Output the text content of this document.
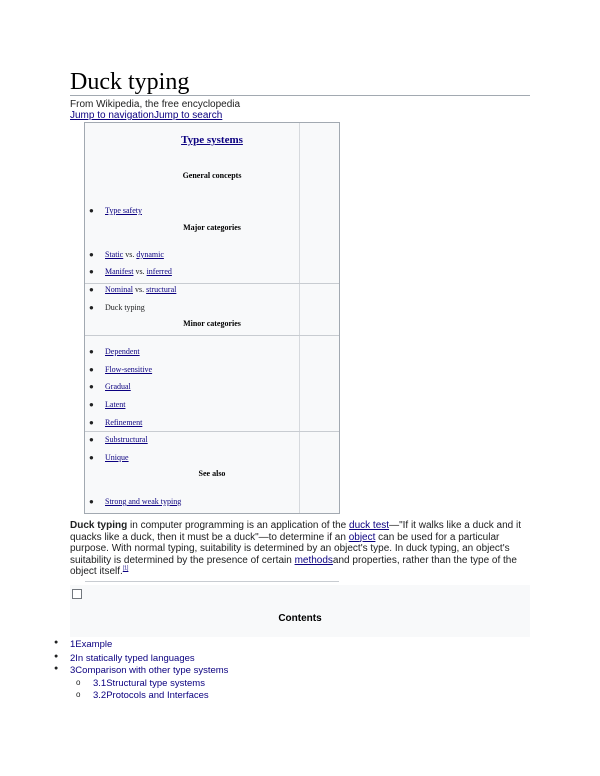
Duck typing
From Wikipedia, the free encyclopedia
Jump to navigationJump to search
Type systems
General concepts
● Type safety
Major categories
● Static vs. dynamic
● Manifest vs. inferred
● Nominal vs. structural
● Duck typing
Minor categories
● Dependent
● Flow-sensitive
● Gradual
● Latent
● Refinement
● Substructural
● Unique
See also
● Strong and weak typing

Duck typing in computer programming is an application of the duck test—"If it walks like a duck and it quacks like a duck, then it must be a duck"—to determine if an object can be used for a particular purpose. With normal typing, suitability is determined by an object's type. In duck typing, an object's suitability is determined by the presence of certain methodsand properties, rather than the type of the object itself.[1]

Contents
● 1Example
● 2In statically typed languages
● 3Comparison with other type systems
o 3.1Structural type systems
o 3.2Protocols and Interfaces
